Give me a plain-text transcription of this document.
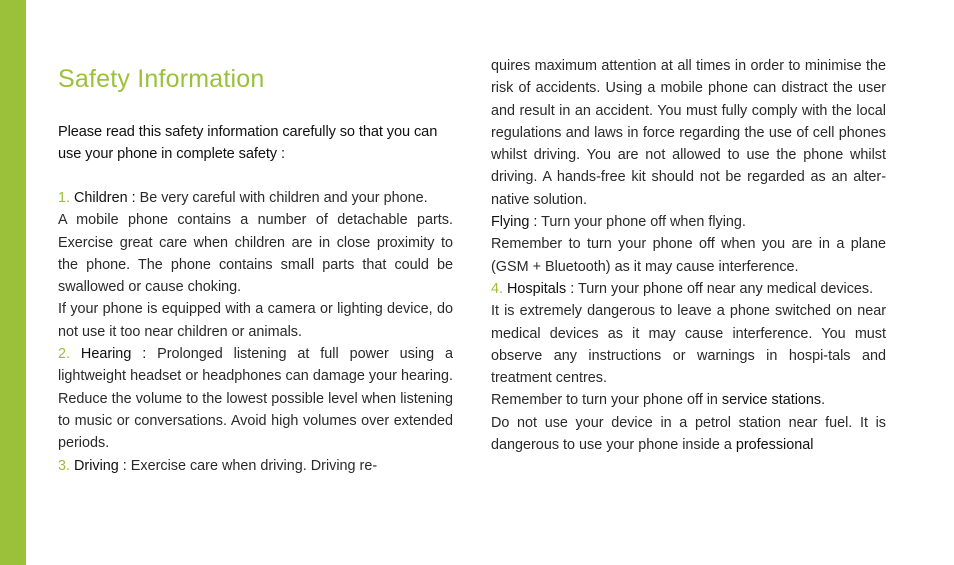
Safety Information

Please read this safety information carefully so that you can use your phone in complete safety :

1. Children : Be very careful with children and your phone.

A mobile phone contains a number of detachable parts. Exercise great care when children are in close proximity to the phone. The phone contains small parts that could be swallowed or cause choking.

If your phone is equipped with a camera or lighting device, do not use it too near children or animals.

2. Hearing : Prolonged listening at full power using a lightweight headset or headphones can damage your hearing. Reduce the volume to the lowest possible level when listening to music or conversations. Avoid high volumes over extended periods.

3. Driving : Exercise care when driving. Driving re-

quires maximum attention at all times in order to minimise the risk of accidents. Using a mobile phone can distract the user and result in an accident. You must fully comply with the local regulations and laws in force regarding the use of cell phones whilst driving. You are not allowed to use the phone whilst driving. A hands-free kit should not be regarded as an alter-native solution.

Flying : Turn your phone off when flying.

Remember to turn your phone off when you are in a plane (GSM + Bluetooth) as it may cause interference.

4. Hospitals : Turn your phone off near any medical devices.

It is extremely dangerous to leave a phone switched on near medical devices as it may cause interference. You must observe any instructions or warnings in hospi-tals and treatment centres.

Remember to turn your phone off in service stations.

Do not use your device in a petrol station near fuel. It is dangerous to use your phone inside a professional
